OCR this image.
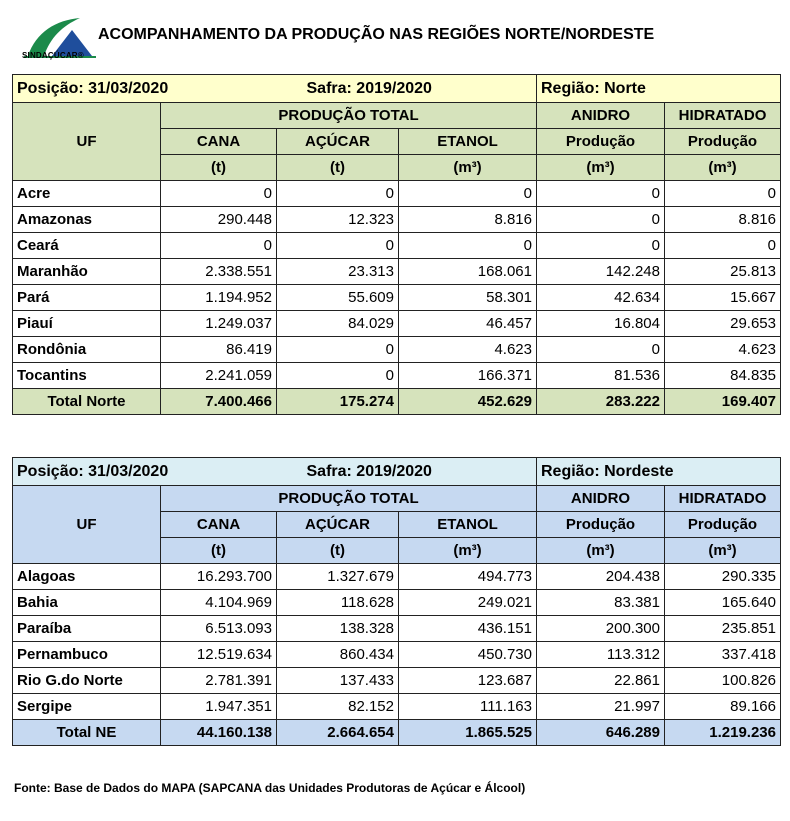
SINDAÇÚCAR®
ACOMPANHAMENTO DA PRODUÇÃO NAS REGIÕES NORTE/NORDESTE
Posição: 31/03/2020		Safra: 2019/2020		Região: Norte	
UF	PRODUÇÃO TOTAL			ANIDRO	HIDRATADO
	CANA	AÇÚCAR	ETANOL	Produção	Produção
	(t)	(t)	(m³)	(m³)	(m³)
Acre	0	0	0	0	0
Amazonas	290.448	12.323	8.816	0	8.816
Ceará	0	0	0	0	0
Maranhão	2.338.551	23.313	168.061	142.248	25.813
Pará	1.194.952	55.609	58.301	42.634	15.667
Piauí	1.249.037	84.029	46.457	16.804	29.653
Rondônia	86.419	0	4.623	0	4.623
Tocantins	2.241.059	0	166.371	81.536	84.835
Total Norte	7.400.466	175.274	452.629	283.222	169.407
Posição: 31/03/2020		Safra: 2019/2020		Região: Nordeste	
UF	PRODUÇÃO TOTAL			ANIDRO	HIDRATADO
	CANA	AÇÚCAR	ETANOL	Produção	Produção
	(t)	(t)	(m³)	(m³)	(m³)
Alagoas	16.293.700	1.327.679	494.773	204.438	290.335
Bahia	4.104.969	118.628	249.021	83.381	165.640
Paraíba	6.513.093	138.328	436.151	200.300	235.851
Pernambuco	12.519.634	860.434	450.730	113.312	337.418
Rio G.do Norte	2.781.391	137.433	123.687	22.861	100.826
Sergipe	1.947.351	82.152	111.163	21.997	89.166
Total NE	44.160.138	2.664.654	1.865.525	646.289	1.219.236
Fonte: Base de Dados do MAPA (SAPCANA das Unidades Produtoras de Açúcar e Álcool)
